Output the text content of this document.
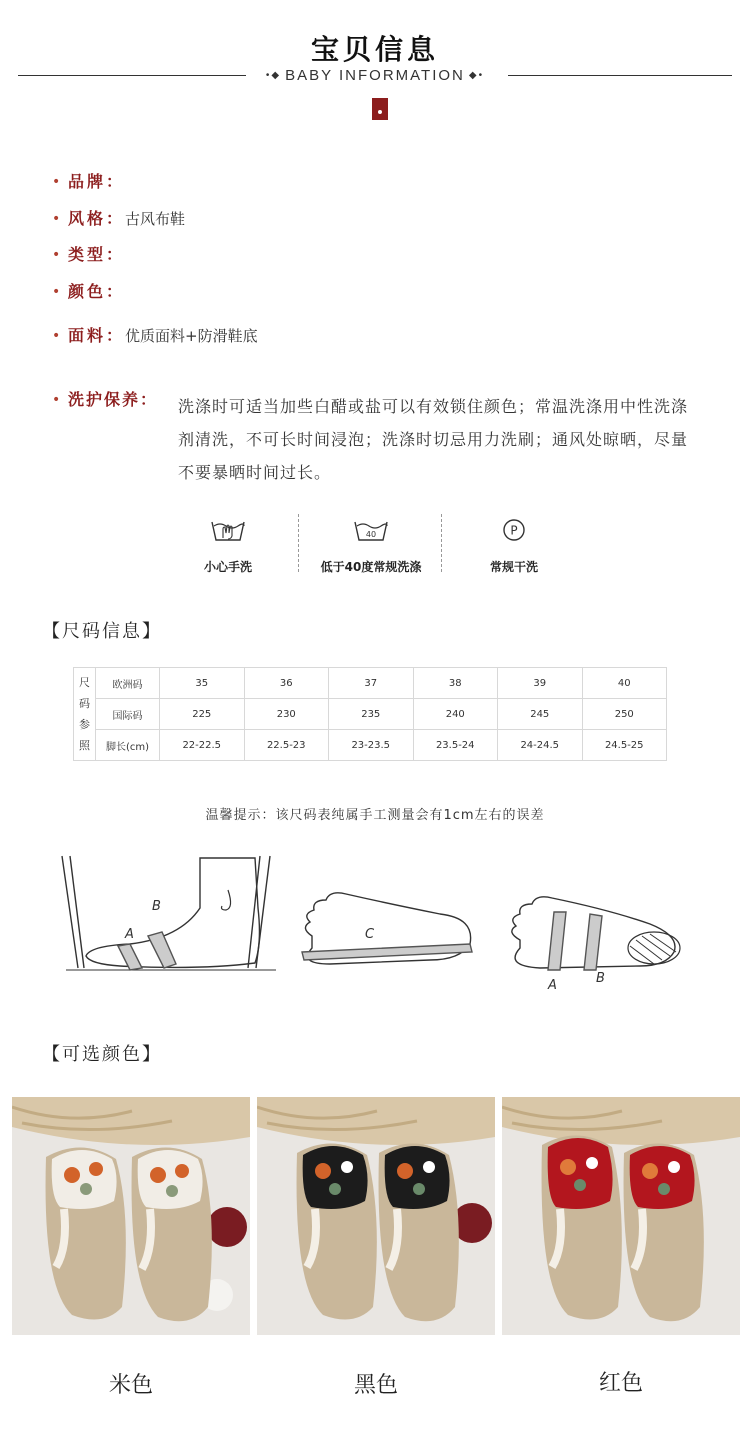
宝贝信息
•◆ BABY INFORMATION ◆•
• 品牌：
• 风格： 古风布鞋
• 类型：
• 颜色：
• 面料： 优质面料+防滑鞋底
• 洗护保养： 洗涤时可适当加些白醋或盐可以有效锁住颜色；常温洗涤用中性洗涤剂清洗，不可长时间浸泡；洗涤时切忌用力洗刷；通风处晾晒，尽量不要暴晒时间过长。
小心手洗
40
低于40度常规洗涤
P
常规干洗
【尺码信息】
尺
码
参
照	欧洲码	35	36	37	38	39	40
	国际码	225	230	235	240	245	250
	脚长(cm)	22-22.5	22.5-23	23-23.5	23.5-24	24-24.5	24.5-25
温馨提示：该尺码表纯属手工测量会有1cm左右的误差
A
B
C
A	B
【可选颜色】
米色	黑色	红色
